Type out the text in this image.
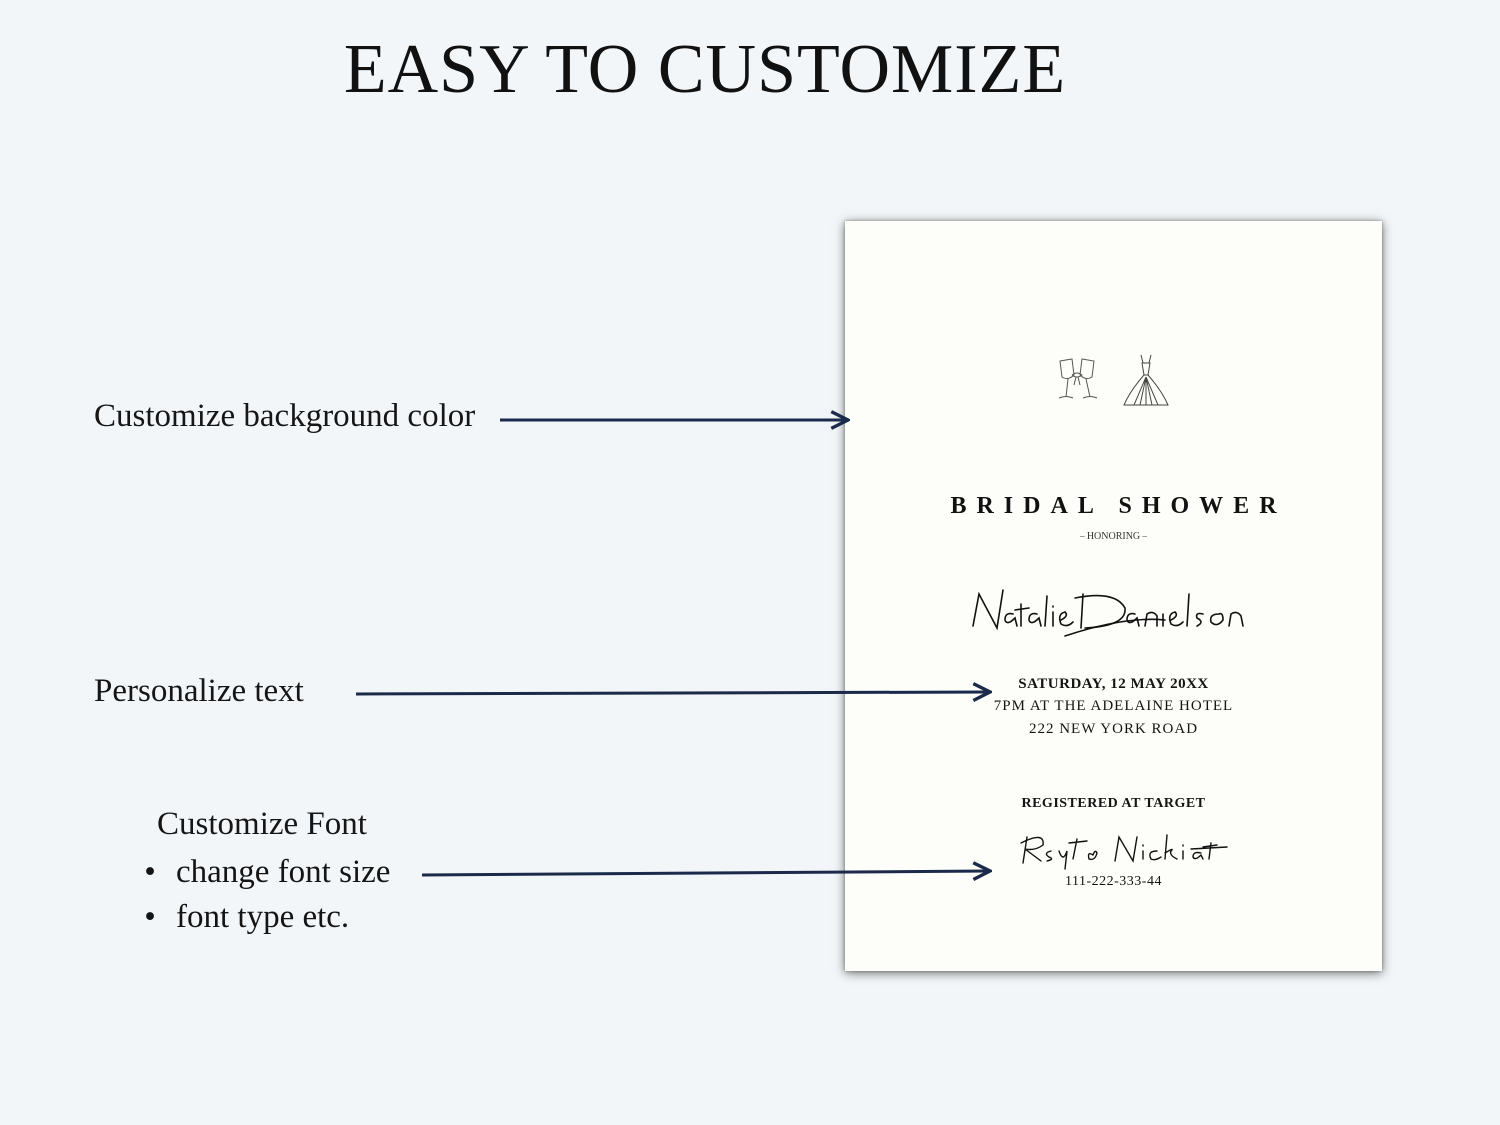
EASY TO CUSTOMIZE
Customize background color
Personalize text
Customize Font
• change font size
• font type etc.
BRIDAL SHOWER
– HONORING –
SATURDAY, 12 MAY 20XX
7PM AT THE ADELAINE HOTEL
222 NEW YORK ROAD
REGISTERED AT TARGET
111-222-333-44
